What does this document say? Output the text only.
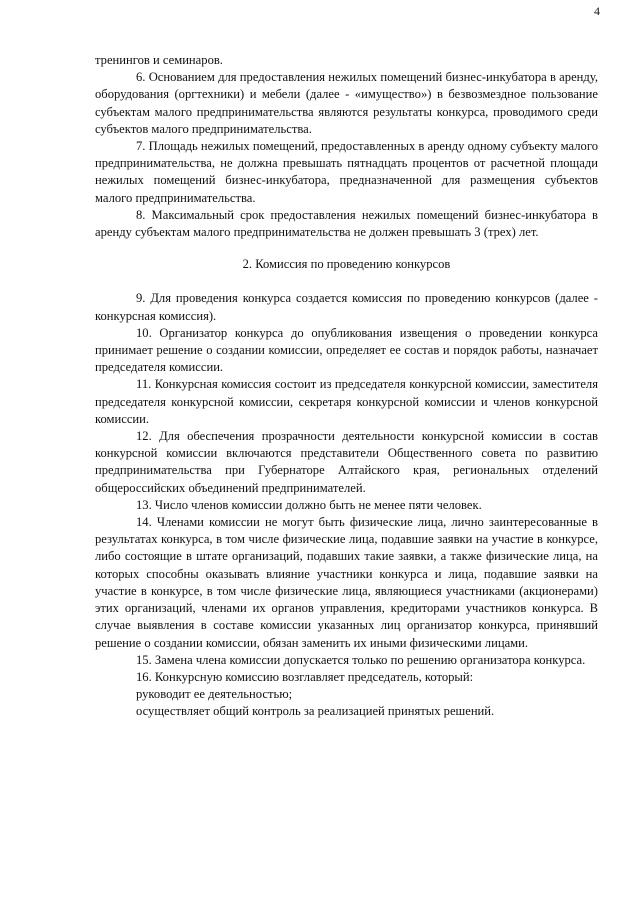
4

тренингов и семинаров.

6. Основанием для предоставления нежилых помещений бизнес-инкубатора в аренду, оборудования (оргтехники) и мебели (далее - «имущество») в безвозмездное пользование субъектам малого предпринимательства являются результаты конкурса, проводимого среди субъектов малого предпринимательства.

7. Площадь нежилых помещений, предоставленных в аренду одному субъекту малого предпринимательства, не должна превышать пятнадцать процентов от расчетной площади нежилых помещений бизнес-инкубатора, предназначенной для размещения субъектов малого предпринимательства.

8. Максимальный срок предоставления нежилых помещений бизнес-инкубатора в аренду субъектам малого предпринимательства не должен превышать 3 (трех) лет.

2. Комиссия по проведению конкурсов

9. Для проведения конкурса создается комиссия по проведению конкурсов (далее - конкурсная комиссия).

10. Организатор конкурса до опубликования извещения о проведении конкурса принимает решение о создании комиссии, определяет ее состав и порядок работы, назначает председателя комиссии.

11. Конкурсная комиссия состоит из председателя конкурсной комиссии, заместителя председателя конкурсной комиссии, секретаря конкурсной комиссии и членов конкурсной комиссии.

12. Для обеспечения прозрачности деятельности конкурсной комиссии в состав конкурсной комиссии включаются представители Общественного совета по развитию предпринимательства при Губернаторе Алтайского края, региональных отделений общероссийских объединений предпринимателей.

13. Число членов комиссии должно быть не менее пяти человек.

14. Членами комиссии не могут быть физические лица, лично заинтересованные в результатах конкурса, в том числе физические лица, подавшие заявки на участие в конкурсе, либо состоящие в штате организаций, подавших такие заявки, а также физические лица, на которых способны оказывать влияние участники конкурса и лица, подавшие заявки на участие в конкурсе, в том числе физические лица, являющиеся участниками (акционерами) этих организаций, членами их органов управления, кредиторами участников конкурса. В случае выявления в составе комиссии указанных лиц организатор конкурса, принявший решение о создании комиссии, обязан заменить их иными физическими лицами.

15. Замена члена комиссии допускается только по решению организатора конкурса.

16. Конкурсную комиссию возглавляет председатель, который:

руководит ее деятельностью;

осуществляет общий контроль за реализацией принятых решений.
